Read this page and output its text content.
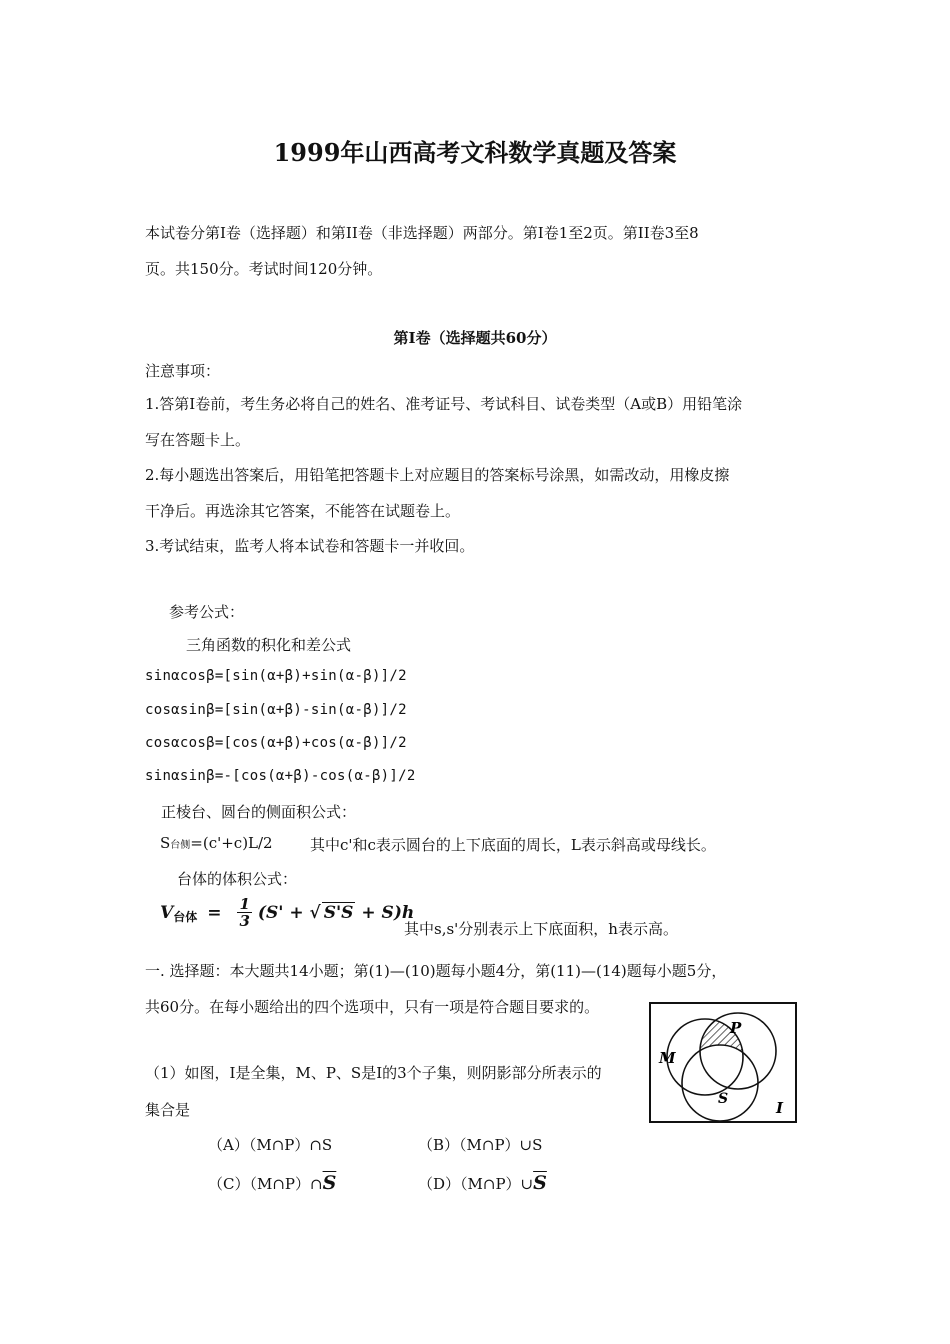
1999年山西高考文科数学真题及答案
本试卷分第Ⅰ卷（选择题）和第II卷（非选择题）两部分。第Ⅰ卷1至2页。第II卷3至8
页。共150分。考试时间120分钟。
第Ⅰ卷（选择题共60分）
注意事项：
1.答第Ⅰ卷前，考生务必将自己的姓名、准考证号、考试科目、试卷类型（A或B）用铅笔涂
写在答题卡上。
2.每小题选出答案后，用铅笔把答题卡上对应题目的答案标号涂黑，如需改动，用橡皮擦
干净后。再选涂其它答案，不能答在试题卷上。
3.考试结束，监考人将本试卷和答题卡一并收回。
参考公式：
三角函数的积化和差公式
sinαcosβ=[sin(α+β)+sin(α-β)]/2
cosαsinβ=[sin(α+β)-sin(α-β)]/2
cosαcosβ=[cos(α+β)+cos(α-β)]/2
sinαsinβ=-[cos(α+β)-cos(α-β)]/2
正棱台、圆台的侧面积公式：
S台侧=(c'+c)L/2 其中c'和c表示圆台的上下底面的周长，L表示斜高或母线长。
台体的体积公式：
V 台体 = $\frac{1}{3} (S'$ + √ S'S + S)h
其中s,s'分别表示上下底面积，h表示高。
一. 选择题：本大题共14小题；第(1)—(10)题每小题4分，第(11)—(14)题每小题5分，
共60分。在每小题给出的四个选项中，只有一项是符合题目要求的。
（1）如图，I是全集，M、P、S是I的3个子集，则阴影部分所表示的
集合是
（A）（M∩P）∩S	（B）（M∩P）∪S
$(C)(M\cap P)\cap\overline{S}$	$(D)(M\cap P)\cup\overline{S}$
M
P
S	I
